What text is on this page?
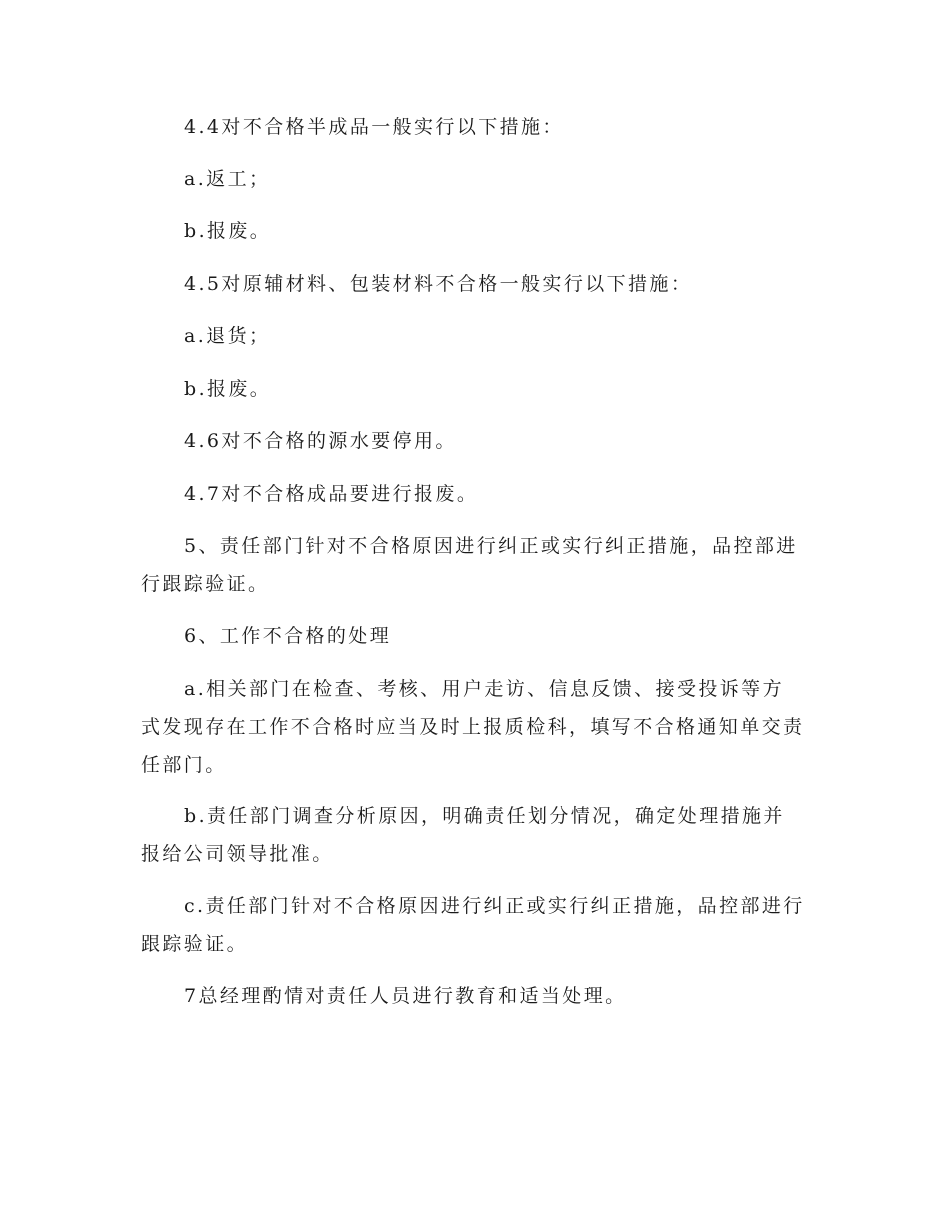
4.4对不合格半成品一般实行以下措施：

a.返工；

b.报废。

4.5对原辅材料、包装材料不合格一般实行以下措施：

a.退货；

b.报废。

4.6对不合格的源水要停用。

4.7对不合格成品要进行报废。

5、责任部门针对不合格原因进行纠正或实行纠正措施，品控部进行跟踪验证。

6、工作不合格的处理

a.相关部门在检查、考核、用户走访、信息反馈、接受投诉等方式发现存在工作不合格时应当及时上报质检科，填写不合格通知单交责任部门。

b.责任部门调查分析原因，明确责任划分情况，确定处理措施并报给公司领导批准。

c.责任部门针对不合格原因进行纠正或实行纠正措施，品控部进行跟踪验证。

7总经理酌情对责任人员进行教育和适当处理。
